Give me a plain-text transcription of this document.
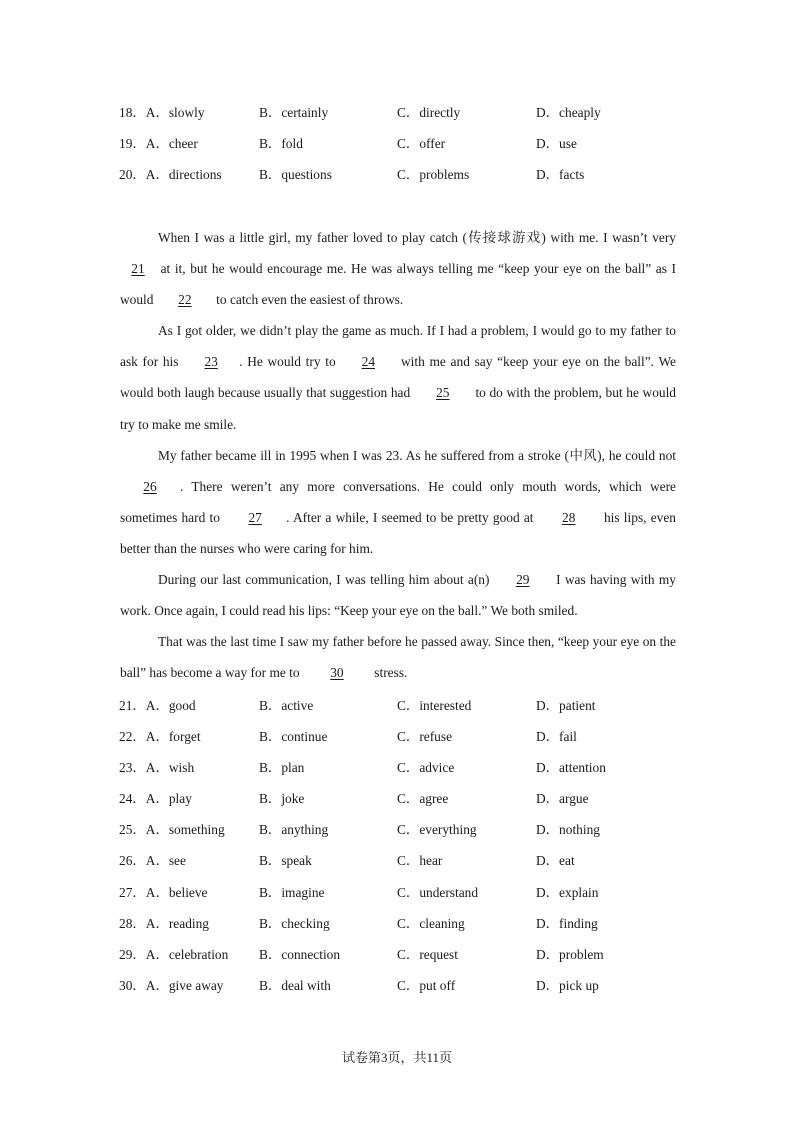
18．A．slowly	B．certainly	C．directly	D．cheaply
19．A．cheer	B．fold	C．offer	D．use
20．A．directions	B．questions	C．problems	D．facts

When I was a little girl, my father loved to play catch (传接球游戏) with me. I wasn’t very 21 at it, but he would encourage me. He was always telling me “keep your eye on the ball” as I would 22 to catch even the easiest of throws.

As I got older, we didn’t play the game as much. If I had a problem, I would go to my father to ask for his 23 . He would try to 24 with me and say “keep your eye on the ball”. We would both laugh because usually that suggestion had 25 to do with the problem, but he would try to make me smile.

My father became ill in 1995 when I was 23. As he suffered from a stroke (中风), he could not 26 . There weren’t any more conversations. He could only mouth words, which were sometimes hard to 27 . After a while, I seemed to be pretty good at 28 his lips, even better than the nurses who were caring for him.

During our last communication, I was telling him about a(n) 29 I was having with my work. Once again, I could read his lips: “Keep your eye on the ball.” We both smiled.

That was the last time I saw my father before he passed away. Since then, “keep your eye on the ball” has become a way for me to 30 stress.

21．A．good	B．active	C．interested	D．patient
22．A．forget	B．continue	C．refuse	D．fail
23．A．wish	B．plan	C．advice	D．attention
24．A．play	B．joke	C．agree	D．argue
25．A．something	B．anything	C．everything	D．nothing
26．A．see	B．speak	C．hear	D．eat
27．A．believe	B．imagine	C．understand	D．explain
28．A．reading	B．checking	C．cleaning	D．finding
29．A．celebration B．connection	C．request	D．problem
30．A．give away	B．deal with	C．put off	D．pick up
试卷第3页，共11页
